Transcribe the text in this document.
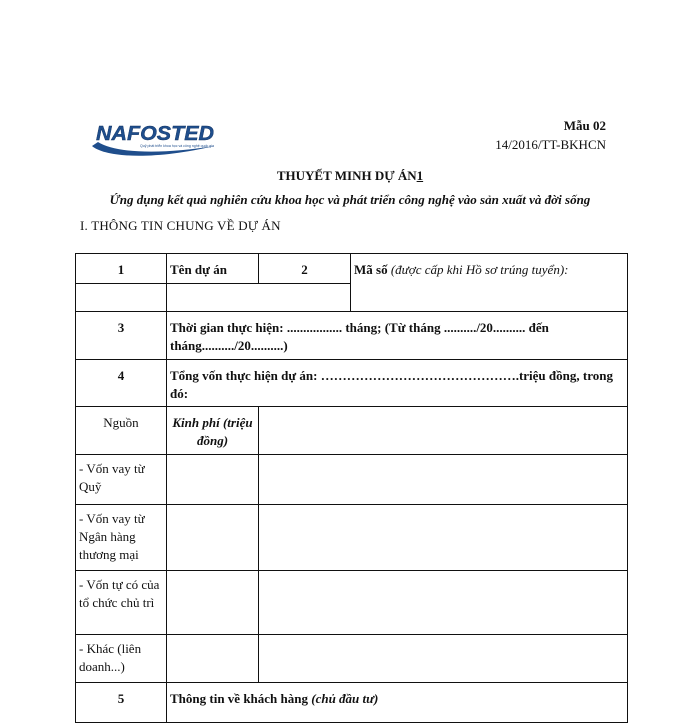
NAFOSTED
Quỹ phát triển khoa học và công nghệ quốc gia
Mẫu 02
14/2016/TT-BKHCN
THUYẾT MINH DỰ ÁN1
Ứng dụng kết quả nghiên cứu khoa học và phát triển công nghệ vào sản xuất và đời sống
I. THÔNG TIN CHUNG VỀ DỰ ÁN
1	Tên dự án	2	Mã số (được cấp khi Hồ sơ trúng tuyển):

3	Thời gian thực hiện: ................. tháng; (Từ tháng ........../20.......... đến tháng........../20..........)		
4	Tổng vốn thực hiện dự án: ……………………………………….triệu đồng, trong đó:		
Nguồn	Kinh phí (triệu đồng)		
- Vốn vay từ Quỹ			
- Vốn vay từ Ngân hàng thương mại			
- Vốn tự có của tổ chức chủ trì			
- Khác (liên doanh...)			
5	Thông tin về khách hàng (chủ đầu tư)		
